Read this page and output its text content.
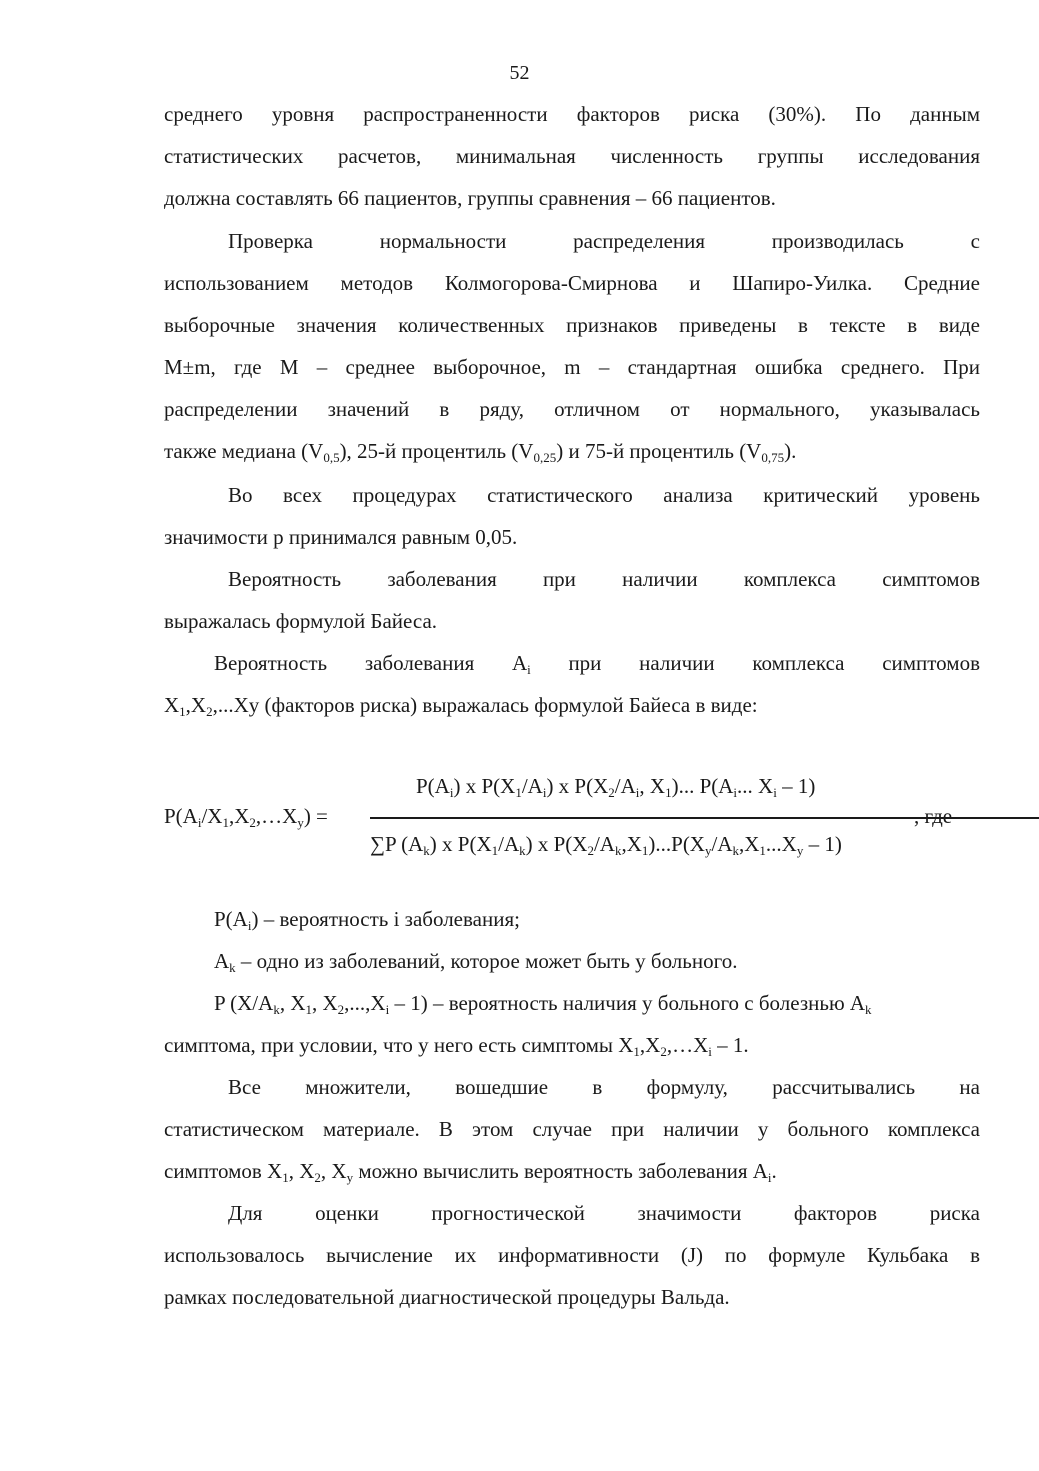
52
среднего уровня распространенности факторов риска (30%). По данным
статистических расчетов, минимальная численность группы исследования
должна составлять 66 пациентов, группы сравнения – 66 пациентов.
Проверка	нормальности	распределения	производилась	с
использованием методов Колмогорова-Смирнова и Шапиро-Уилка. Средние
выборочные значения количественных признаков приведены в тексте в виде
M±m, где М – среднее выборочное, m – стандартная ошибка среднего. При
распределении значений в ряду, отличном от нормального, указывалась
также медиана $(V_{0,5})$, 25-й процентиль $(V_{0,25})$ и 75-й процентиль $(V_{0,75})$.
Во всех процедурах статистического анализа критический уровень
значимости p принимался равным 0,05.
Вероятность заболевания при наличии комплекса симптомов
выражалась формулой Байеса.
Вероятность заболевания $A_i$ при наличии комплекса симптомов
$X_1,X_2,...Xy$ (факторов риска) выражалась формулой Байеса в виде:
$P(A_i/X_1,X_2,\dots X_y)$ =
$P(A_i)$ x $P(X_1/A_i)$ x $P(X_2/A_i$, $X_1$)... $P(A_i$... $X_i - 1$)
∑P $(A_k)$ x $P(X_1/A_k)$ x $P(X_2/A_k,X_1)...P(X_y/A_k,X_1...X_y - 1)$
, где
$P(A_i)$ – вероятность i заболевания;
$A_k$ – одно из заболеваний, которое может быть у больного.
P ($X/A_k$, $X_1$, $X_2,...,X_i - 1$) – вероятность наличия у больного с болезнью $A_k$
симптома, при условии, что у него есть симптомы $X_1,X_2,\dots X_i - 1$.
Все множители, вошедшие в формулу, рассчитывались на
статистическом материале. В этом случае при наличии у больного комплекса
симптомов $X_1$, $X_2$, $X_y$ можно вычислить вероятность заболевания $A_i$.
Для	оценки	прогностической	значимости	факторов	риска
использовалось вычисление их информативности (J) по формуле Кульбака в
рамках последовательной диагностической процедуры Вальда.
